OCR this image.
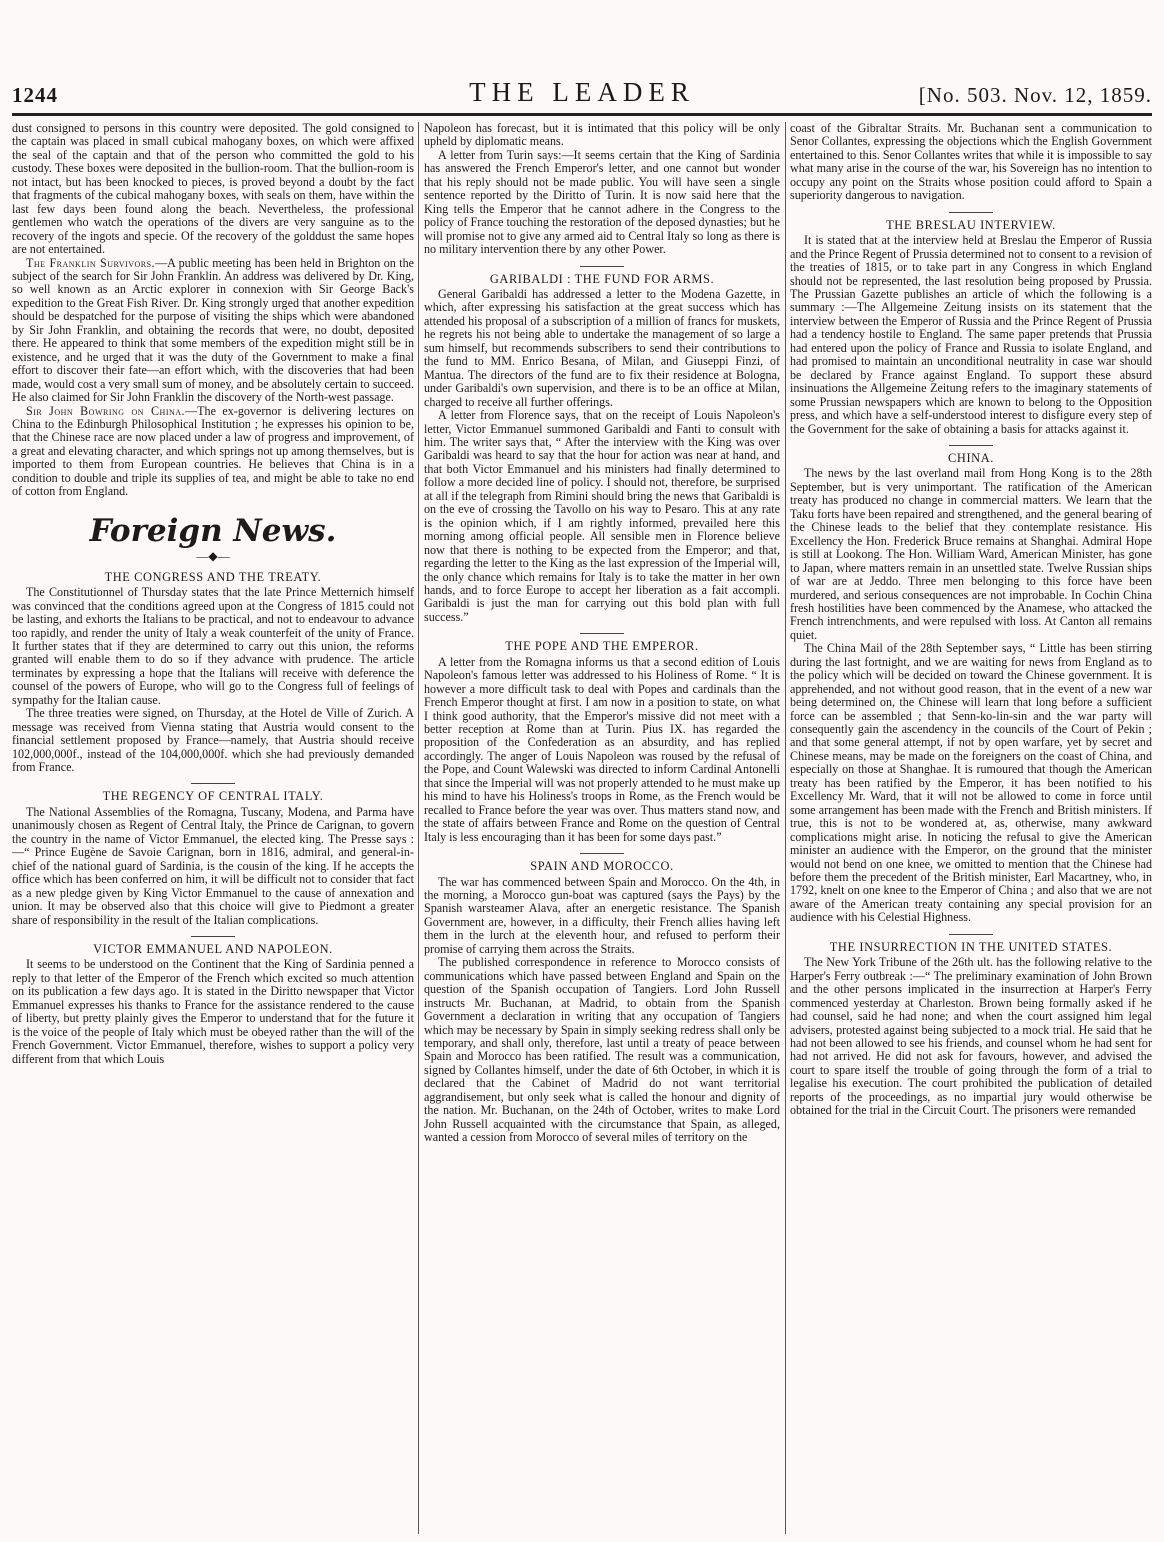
1244	THE LEADER	[No. 503. Nov. 12, 1859.

dust consigned to persons in this country were deposited. The gold consigned to the captain was placed in small cubical mahogany boxes, on which were affixed the seal of the captain and that of the person who committed the gold to his custody. These boxes were deposited in the bullion-room. That the bullion-room is not intact, but has been knocked to pieces, is proved beyond a doubt by the fact that fragments of the cubical mahogany boxes, with seals on them, have within the last few days been found along the beach. Nevertheless, the professional gentlemen who watch the operations of the divers are very sanguine as to the recovery of the ingots and specie. Of the recovery of the golddust the same hopes are not entertained.

The Franklin Survivors.—A public meeting has been held in Brighton on the subject of the search for Sir John Franklin. An address was delivered by Dr. King, so well known as an Arctic explorer in connexion with Sir George Back's expedition to the Great Fish River. Dr. King strongly urged that another expedition should be despatched for the purpose of visiting the ships which were abandoned by Sir John Franklin, and obtaining the records that were, no doubt, deposited there. He appeared to think that some members of the expedition might still be in existence, and he urged that it was the duty of the Government to make a final effort to discover their fate—an effort which, with the discoveries that had been made, would cost a very small sum of money, and be absolutely certain to succeed. He also claimed for Sir John Franklin the discovery of the North-west passage.

Sir John Bowring on China.—The ex-governor is delivering lectures on China to the Edinburgh Philosophical Institution ; he expresses his opinion to be, that the Chinese race are now placed under a law of progress and improvement, of a great and elevating character, and which springs not up among themselves, but is imported to them from European countries. He believes that China is in a condition to double and triple its supplies of tea, and might be able to take no end of cotton from England.

Foreign News.
—◆—
THE CONGRESS AND THE TREATY.

The Constitutionnel of Thursday states that the late Prince Metternich himself was convinced that the conditions agreed upon at the Congress of 1815 could not be lasting, and exhorts the Italians to be practical, and not to endeavour to advance too rapidly, and render the unity of Italy a weak counterfeit of the unity of France. It further states that if they are determined to carry out this union, the reforms granted will enable them to do so if they advance with prudence. The article terminates by expressing a hope that the Italians will receive with deference the counsel of the powers of Europe, who will go to the Congress full of feelings of sympathy for the Italian cause.

The three treaties were signed, on Thursday, at the Hotel de Ville of Zurich. A message was received from Vienna stating that Austria would consent to the financial settlement proposed by France—namely, that Austria should receive 102,000,000f., instead of the 104,000,000f. which she had previously demanded from France.

THE REGENCY OF CENTRAL ITALY.

The National Assemblies of the Romagna, Tuscany, Modena, and Parma have unanimously chosen as Regent of Central Italy, the Prince de Carignan, to govern the country in the name of Victor Emmanuel, the elected king. The Presse says :—“ Prince Eugène de Savoie Carignan, born in 1816, admiral, and general-in-chief of the national guard of Sardinia, is the cousin of the king. If he accepts the office which has been conferred on him, it will be difficult not to consider that fact as a new pledge given by King Victor Emmanuel to the cause of annexation and union. It may be observed also that this choice will give to Piedmont a greater share of responsibility in the result of the Italian complications.

VICTOR EMMANUEL AND NAPOLEON.

It seems to be understood on the Continent that the King of Sardinia penned a reply to that letter of the Emperor of the French which excited so much attention on its publication a few days ago. It is stated in the Diritto newspaper that Victor Emmanuel expresses his thanks to France for the assistance rendered to the cause of liberty, but pretty plainly gives the Emperor to understand that for the future it is the voice of the people of Italy which must be obeyed rather than the will of the French Government. Victor Emmanuel, therefore, wishes to support a policy very different from that which Louis

Napoleon has forecast, but it is intimated that this policy will be only upheld by diplomatic means.

A letter from Turin says:—It seems certain that the King of Sardinia has answered the French Emperor's letter, and one cannot but wonder that his reply should not be made public. You will have seen a single sentence reported by the Diritto of Turin. It is now said here that the King tells the Emperor that he cannot adhere in the Congress to the policy of France touching the restoration of the deposed dynasties; but he will promise not to give any armed aid to Central Italy so long as there is no military intervention there by any other Power.

GARIBALDI : THE FUND FOR ARMS.

General Garibaldi has addressed a letter to the Modena Gazette, in which, after expressing his satisfaction at the great success which has attended his proposal of a subscription of a million of francs for muskets, he regrets his not being able to undertake the management of so large a sum himself, but recommends subscribers to send their contributions to the fund to MM. Enrico Besana, of Milan, and Giuseppi Finzi, of Mantua. The directors of the fund are to fix their residence at Bologna, under Garibaldi's own supervision, and there is to be an office at Milan, charged to receive all further offerings.

A letter from Florence says, that on the receipt of Louis Napoleon's letter, Victor Emmanuel summoned Garibaldi and Fanti to consult with him. The writer says that, “ After the interview with the King was over Garibaldi was heard to say that the hour for action was near at hand, and that both Victor Emmanuel and his ministers had finally determined to follow a more decided line of policy. I should not, therefore, be surprised at all if the telegraph from Rimini should bring the news that Garibaldi is on the eve of crossing the Tavollo on his way to Pesaro. This at any rate is the opinion which, if I am rightly informed, prevailed here this morning among official people. All sensible men in Florence believe now that there is nothing to be expected from the Emperor; and that, regarding the letter to the King as the last expression of the Imperial will, the only chance which remains for Italy is to take the matter in her own hands, and to force Europe to accept her liberation as a fait accompli. Garibaldi is just the man for carrying out this bold plan with full success.”

THE POPE AND THE EMPEROR.

A letter from the Romagna informs us that a second edition of Louis Napoleon's famous letter was addressed to his Holiness of Rome. “ It is however a more difficult task to deal with Popes and cardinals than the French Emperor thought at first. I am now in a position to state, on what I think good authority, that the Emperor's missive did not meet with a better reception at Rome than at Turin. Pius IX. has regarded the proposition of the Confederation as an absurdity, and has replied accordingly. The anger of Louis Napoleon was roused by the refusal of the Pope, and Count Walewski was directed to inform Cardinal Antonelli that since the Imperial will was not properly attended to he must make up his mind to have his Holiness's troops in Rome, as the French would be recalled to France before the year was over. Thus matters stand now, and the state of affairs between France and Rome on the question of Central Italy is less encouraging than it has been for some days past.”

SPAIN AND MOROCCO.

The war has commenced between Spain and Morocco. On the 4th, in the morning, a Morocco gun-boat was captured (says the Pays) by the Spanish warsteamer Alava, after an energetic resistance. The Spanish Government are, however, in a difficulty, their French allies having left them in the lurch at the eleventh hour, and refused to perform their promise of carrying them across the Straits.

The published correspondence in reference to Morocco consists of communications which have passed between England and Spain on the question of the Spanish occupation of Tangiers. Lord John Russell instructs Mr. Buchanan, at Madrid, to obtain from the Spanish Government a declaration in writing that any occupation of Tangiers which may be necessary by Spain in simply seeking redress shall only be temporary, and shall only, therefore, last until a treaty of peace between Spain and Morocco has been ratified. The result was a communication, signed by Collantes himself, under the date of 6th October, in which it is declared that the Cabinet of Madrid do not want territorial aggrandisement, but only seek what is called the honour and dignity of the nation. Mr. Buchanan, on the 24th of October, writes to make Lord John Russell acquainted with the circumstance that Spain, as alleged, wanted a cession from Morocco of several miles of territory on the

coast of the Gibraltar Straits. Mr. Buchanan sent a communication to Senor Collantes, expressing the objections which the English Government entertained to this. Senor Collantes writes that while it is impossible to say what many arise in the course of the war, his Sovereign has no intention to occupy any point on the Straits whose position could afford to Spain a superiority dangerous to navigation.

THE BRESLAU INTERVIEW.

It is stated that at the interview held at Breslau the Emperor of Russia and the Prince Regent of Prussia determined not to consent to a revision of the treaties of 1815, or to take part in any Congress in which England should not be represented, the last resolution being proposed by Prussia. The Prussian Gazette publishes an article of which the following is a summary :—The Allgemeine Zeitung insists on its statement that the interview between the Emperor of Russia and the Prince Regent of Prussia had a tendency hostile to England. The same paper pretends that Prussia had entered upon the policy of France and Russia to isolate England, and had promised to maintain an unconditional neutrality in case war should be declared by France against England. To support these absurd insinuations the Allgemeine Zeitung refers to the imaginary statements of some Prussian newspapers which are known to belong to the Opposition press, and which have a self-understood interest to disfigure every step of the Government for the sake of obtaining a basis for attacks against it.

CHINA.

The news by the last overland mail from Hong Kong is to the 28th September, but is very unimportant. The ratification of the American treaty has produced no change in commercial matters. We learn that the Taku forts have been repaired and strengthened, and the general bearing of the Chinese leads to the belief that they contemplate resistance. His Excellency the Hon. Frederick Bruce remains at Shanghai. Admiral Hope is still at Lookong. The Hon. William Ward, American Minister, has gone to Japan, where matters remain in an unsettled state. Twelve Russian ships of war are at Jeddo. Three men belonging to this force have been murdered, and serious consequences are not improbable. In Cochin China fresh hostilities have been commenced by the Anamese, who attacked the French intrenchments, and were repulsed with loss. At Canton all remains quiet.

The China Mail of the 28th September says, “ Little has been stirring during the last fortnight, and we are waiting for news from England as to the policy which will be decided on toward the Chinese government. It is apprehended, and not without good reason, that in the event of a new war being determined on, the Chinese will learn that long before a sufficient force can be assembled ; that Senn-ko-lin-sin and the war party will consequently gain the ascendency in the councils of the Court of Pekin ; and that some general attempt, if not by open warfare, yet by secret and Chinese means, may be made on the foreigners on the coast of China, and especially on those at Shanghae. It is rumoured that though the American treaty has been ratified by the Emperor, it has been notified to his Excellency Mr. Ward, that it will not be allowed to come in force until some arrangement has been made with the French and British ministers. If true, this is not to be wondered at, as, otherwise, many awkward complications might arise. In noticing the refusal to give the American minister an audience with the Emperor, on the ground that the minister would not bend on one knee, we omitted to mention that the Chinese had before them the precedent of the British minister, Earl Macartney, who, in 1792, knelt on one knee to the Emperor of China ; and also that we are not aware of the American treaty containing any special provision for an audience with his Celestial Highness.

THE INSURRECTION IN THE UNITED STATES.

The New York Tribune of the 26th ult. has the following relative to the Harper's Ferry outbreak :—“ The preliminary examination of John Brown and the other persons implicated in the insurrection at Harper's Ferry commenced yesterday at Charleston. Brown being formally asked if he had counsel, said he had none; and when the court assigned him legal advisers, protested against being subjected to a mock trial. He said that he had not been allowed to see his friends, and counsel whom he had sent for had not arrived. He did not ask for favours, however, and advised the court to spare itself the trouble of going through the form of a trial to legalise his execution. The court prohibited the publication of detailed reports of the proceedings, as no impartial jury would otherwise be obtained for the trial in the Circuit Court. The prisoners were remanded
